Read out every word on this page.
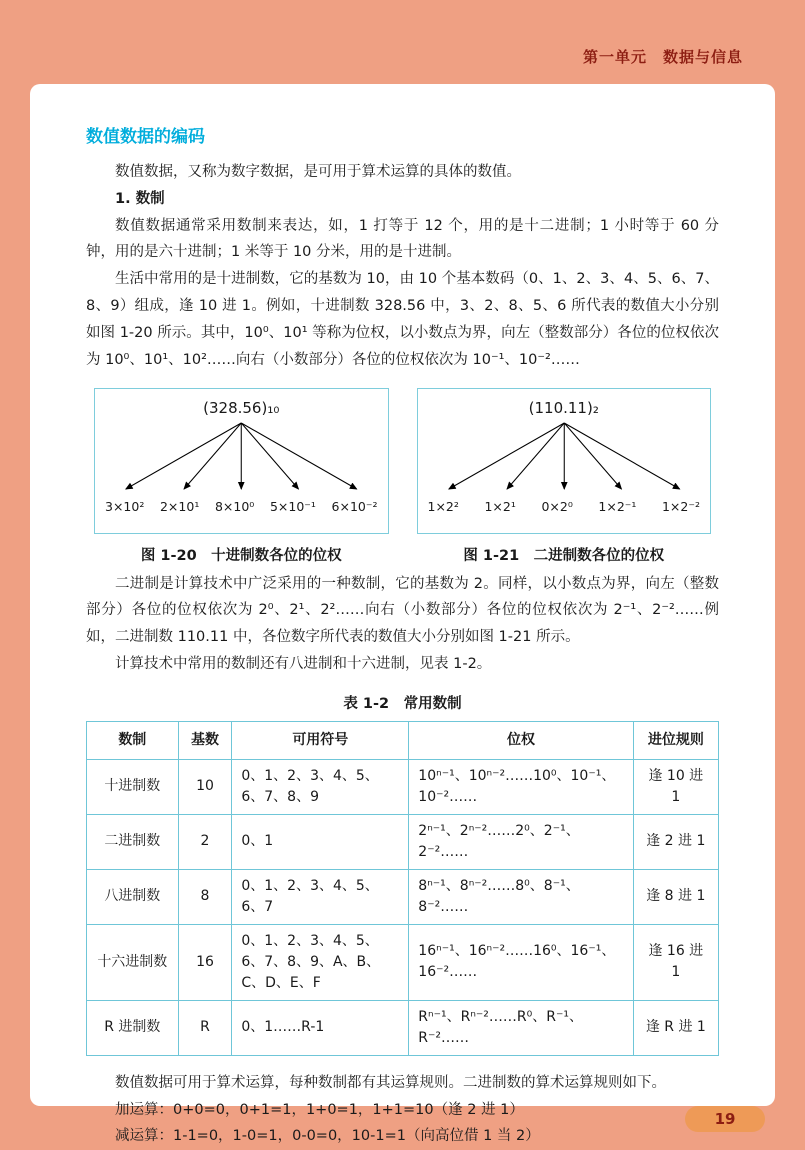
第一单元　数据与信息
数值数据的编码

数值数据，又称为数字数据，是可用于算术运算的具体的数值。

1. 数制

数值数据通常采用数制来表达，如，1 打等于 12 个，用的是十二进制；1 小时等于 60 分钟，用的是六十进制；1 米等于 10 分米，用的是十进制。

生活中常用的是十进制数，它的基数为 10，由 10 个基本数码（0、1、2、3、4、5、6、7、8、9）组成，逢 10 进 1。例如，十进制数 328.56 中，3、2、8、5、6 所代表的数值大小分别如图 1-20 所示。其中，10⁰、10¹ 等称为位权，以小数点为界，向左（整数部分）各位的位权依次为 10⁰、10¹、10²……向右（小数部分）各位的位权依次为 10⁻¹、10⁻²……

(328.56)₁₀
3×10² 2×10¹ 8×10⁰ 5×10⁻¹ 6×10⁻²
图 1-20　十进制数各位的位权
(110.11)₂
1×2² 1×2¹ 0×2⁰ 1×2⁻¹ 1×2⁻²
图 1-21　二进制数各位的位权

二进制是计算技术中广泛采用的一种数制，它的基数为 2。同样，以小数点为界，向左（整数部分）各位的位权依次为 2⁰、2¹、2²……向右（小数部分）各位的位权依次为 2⁻¹、2⁻²……例如，二进制数 110.11 中，各位数字所代表的数值大小分别如图 1-21 所示。

计算技术中常用的数制还有八进制和十六进制，见表 1-2。

表 1-2　常用数制
数制	基数	可用符号	位权	进位规则
十进制数	10	0、1、2、3、4、5、6、7、8、9	10ⁿ⁻¹、10ⁿ⁻²……10⁰、10⁻¹、10⁻²……	逢 10 进 1
二进制数	2	0、1	2ⁿ⁻¹、2ⁿ⁻²……2⁰、2⁻¹、2⁻²……	逢 2 进 1
八进制数	8	0、1、2、3、4、5、6、7	8ⁿ⁻¹、8ⁿ⁻²……8⁰、8⁻¹、8⁻²……	逢 8 进 1
十六进制数	16	0、1、2、3、4、5、6、7、8、9、A、B、C、D、E、F	16ⁿ⁻¹、16ⁿ⁻²……16⁰、16⁻¹、16⁻²……	逢 16 进 1
R 进制数	R	0、1……R-1	Rⁿ⁻¹、Rⁿ⁻²……R⁰、R⁻¹、R⁻²……	逢 R 进 1

数值数据可用于算术运算，每种数制都有其运算规则。二进制数的算术运算规则如下。

加运算：0+0=0，0+1=1，1+0=1，1+1=10（逢 2 进 1）

减运算：1-1=0，1-0=1，0-0=0，10-1=1（向高位借 1 当 2）

19
